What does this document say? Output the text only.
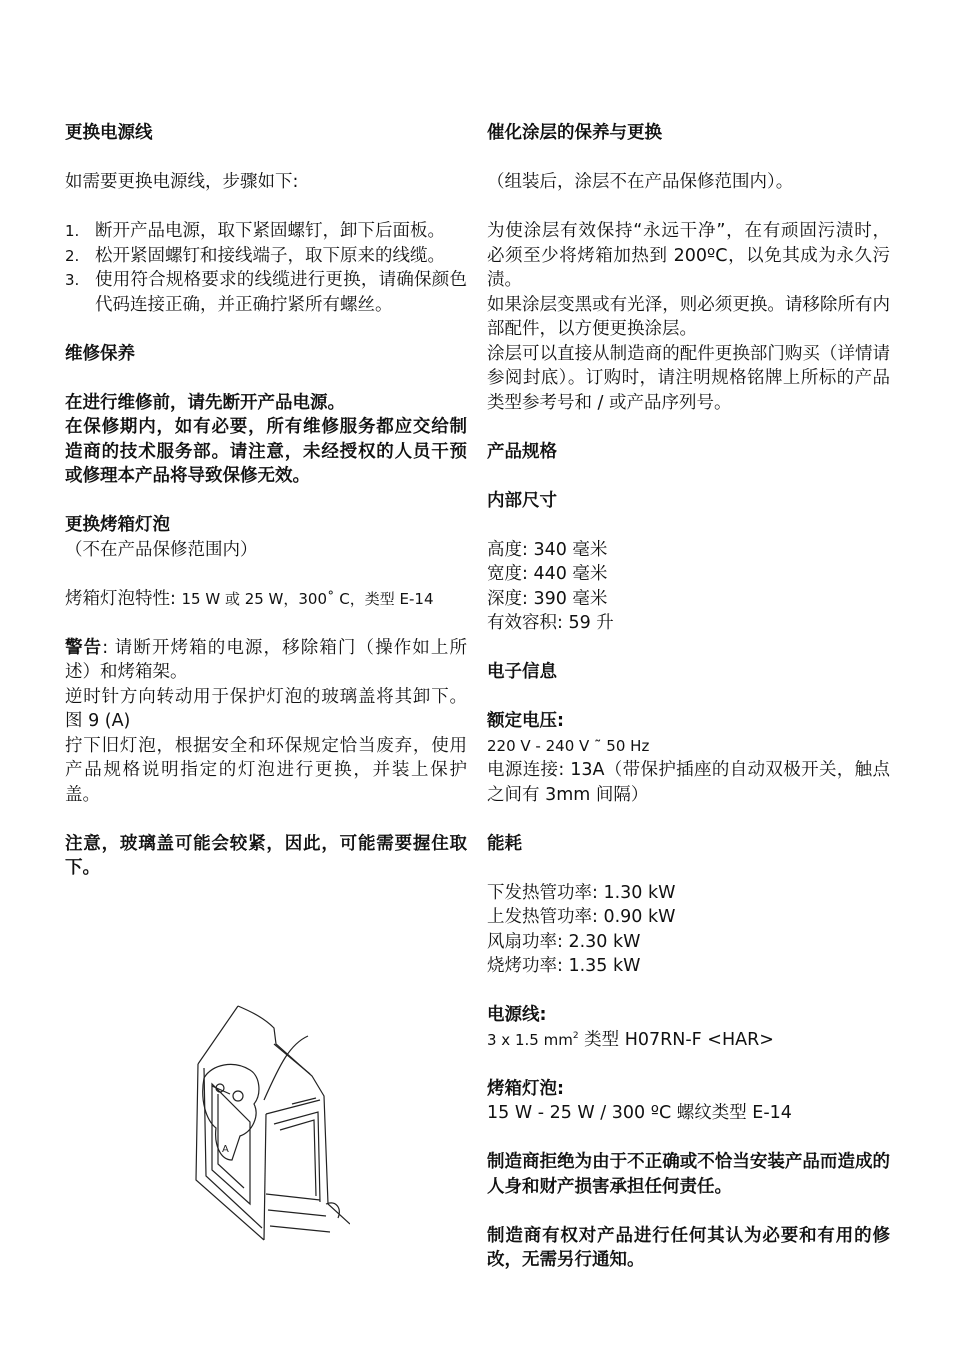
更换电源线

如需要更换电源线，步骤如下:

1. 断开产品电源，取下紧固螺钉，卸下后面板。
2. 松开紧固螺钉和接线端子，取下原来的线缆。
3. 使用符合规格要求的线缆进行更换，请确保颜色代码连接正确，并正确拧紧所有螺丝。

维修保养

在进行维修前，请先断开产品电源。

在保修期内，如有必要，所有维修服务都应交给制造商的技术服务部。请注意，未经授权的人员干预或修理本产品将导致保修无效。

更换烤箱灯泡

（不在产品保修范围内）

烤箱灯泡特性: 15 W 或 25 W，300˚ C，类型 E-14

警告: 请断开烤箱的电源，移除箱门（操作如上所述）和烤箱架。

逆时针方向转动用于保护灯泡的玻璃盖将其卸下。图 9 (A)

拧下旧灯泡，根据安全和环保规定恰当废弃，使用产品规格说明指定的灯泡进行更换，并装上保护盖。

注意，玻璃盖可能会较紧，因此，可能需要握住取下。

A

催化涂层的保养与更换

（组装后，涂层不在产品保修范围内）。

为使涂层有效保持“永远干净”，在有顽固污渍时，必须至少将烤箱加热到 200ºC，以免其成为永久污渍。

如果涂层变黑或有光泽，则必须更换。请移除所有内部配件，以方便更换涂层。

涂层可以直接从制造商的配件更换部门购买（详情请参阅封底）。订购时，请注明规格铭牌上所标的产品类型参考号和 / 或产品序列号。

产品规格

内部尺寸

高度: 340 毫米

宽度: 440 毫米

深度: 390 毫米

有效容积: 59 升

电子信息

额定电压:

220 V - 240 V ˜ 50 Hz

电源连接: 13A（带保护插座的自动双极开关，触点之间有 3mm 间隔）

能耗

下发热管功率: 1.30 kW

上发热管功率: 0.90 kW

风扇功率: 2.30 kW

烧烤功率: 1.35 kW

电源线:

3 x 1.5 $mm^2$ 类型 H07RN-F <HAR>

烤箱灯泡:

15 W - 25 W / 300 ºC 螺纹类型 E-14

制造商拒绝为由于不正确或不恰当安装产品而造成的人身和财产损害承担任何责任。

制造商有权对产品进行任何其认为必要和有用的修改，无需另行通知。
